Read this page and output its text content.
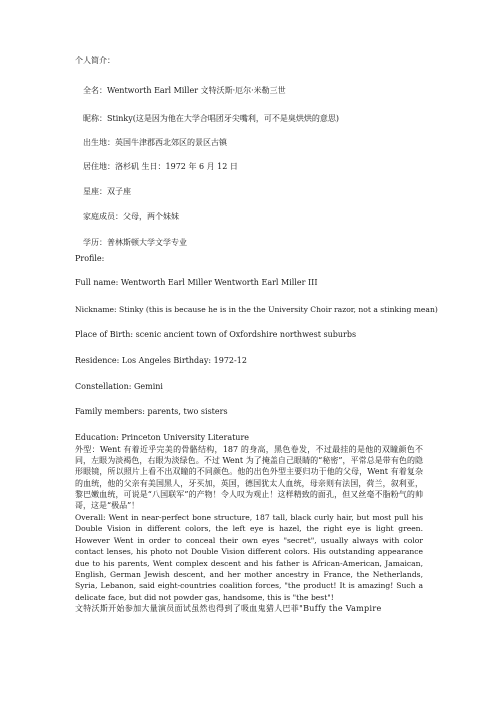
个人简介：
全名：Wentworth Earl Miller 文特沃斯·厄尔·米勒三世
昵称：Stinky(这是因为他在大学合唱团牙尖嘴利，可不是臭烘烘的意思)
出生地：英国牛津郡西北郊区的景区古镇
居住地：洛杉矶 生日：1972 年 6 月 12 日
星座：双子座
家庭成员：父母，两个妹妹
学历：普林斯顿大学文学专业
Profile:
Full name: Wentworth Earl Miller Wentworth Earl Miller III
Nickname: Stinky (this is because he is in the the University Choir razor, not a stinking mean)
Place of Birth: scenic ancient town of Oxfordshire northwest suburbs
Residence: Los Angeles Birthday: 1972-12
Constellation: Gemini
Family members: parents, two sisters
Education: Princeton University Literature
外型：Went 有着近乎完美的骨骼结构，187 的身高，黑色卷发，不过最挂的是他的双瞳颜色不同，左眼为淡褐色，右眼为淡绿色。不过 Went 为了掩盖自己眼睛的“秘密”，平常总是带有色的隐形眼镜，所以照片上看不出双瞳的不同颜色。他的出色外型主要归功于他的父母，Went 有着复杂的血统，他的父亲有美国黑人，牙买加，英国，德国犹太人血统，母亲则有法国，荷兰，叙利亚，黎巴嫩血统，可说是“八国联军”的产物！令人叹为观止！这样精致的面孔，但又丝毫不脂粉气的帅哥，这是“极品”！
Overall: Went in near-perfect bone structure, 187 tall, black curly hair, but most pull his Double Vision in different colors, the left eye is hazel, the right eye is light green. However Went in order to conceal their own eyes "secret", usually always with color contact lenses, his photo not Double Vision different colors. His outstanding appearance due to his parents, Went complex descent and his father is African-American, Jamaican, English, German Jewish descent, and her mother ancestry in France, the Netherlands, Syria, Lebanon, said eight-countries coalition forces, "the product! It is amazing! Such a delicate face, but did not powder gas, handsome, this is "the best"!
文特沃斯开始参加大量演员面试虽然也得到了吸血鬼猎人巴菲"Buffy the Vampire
